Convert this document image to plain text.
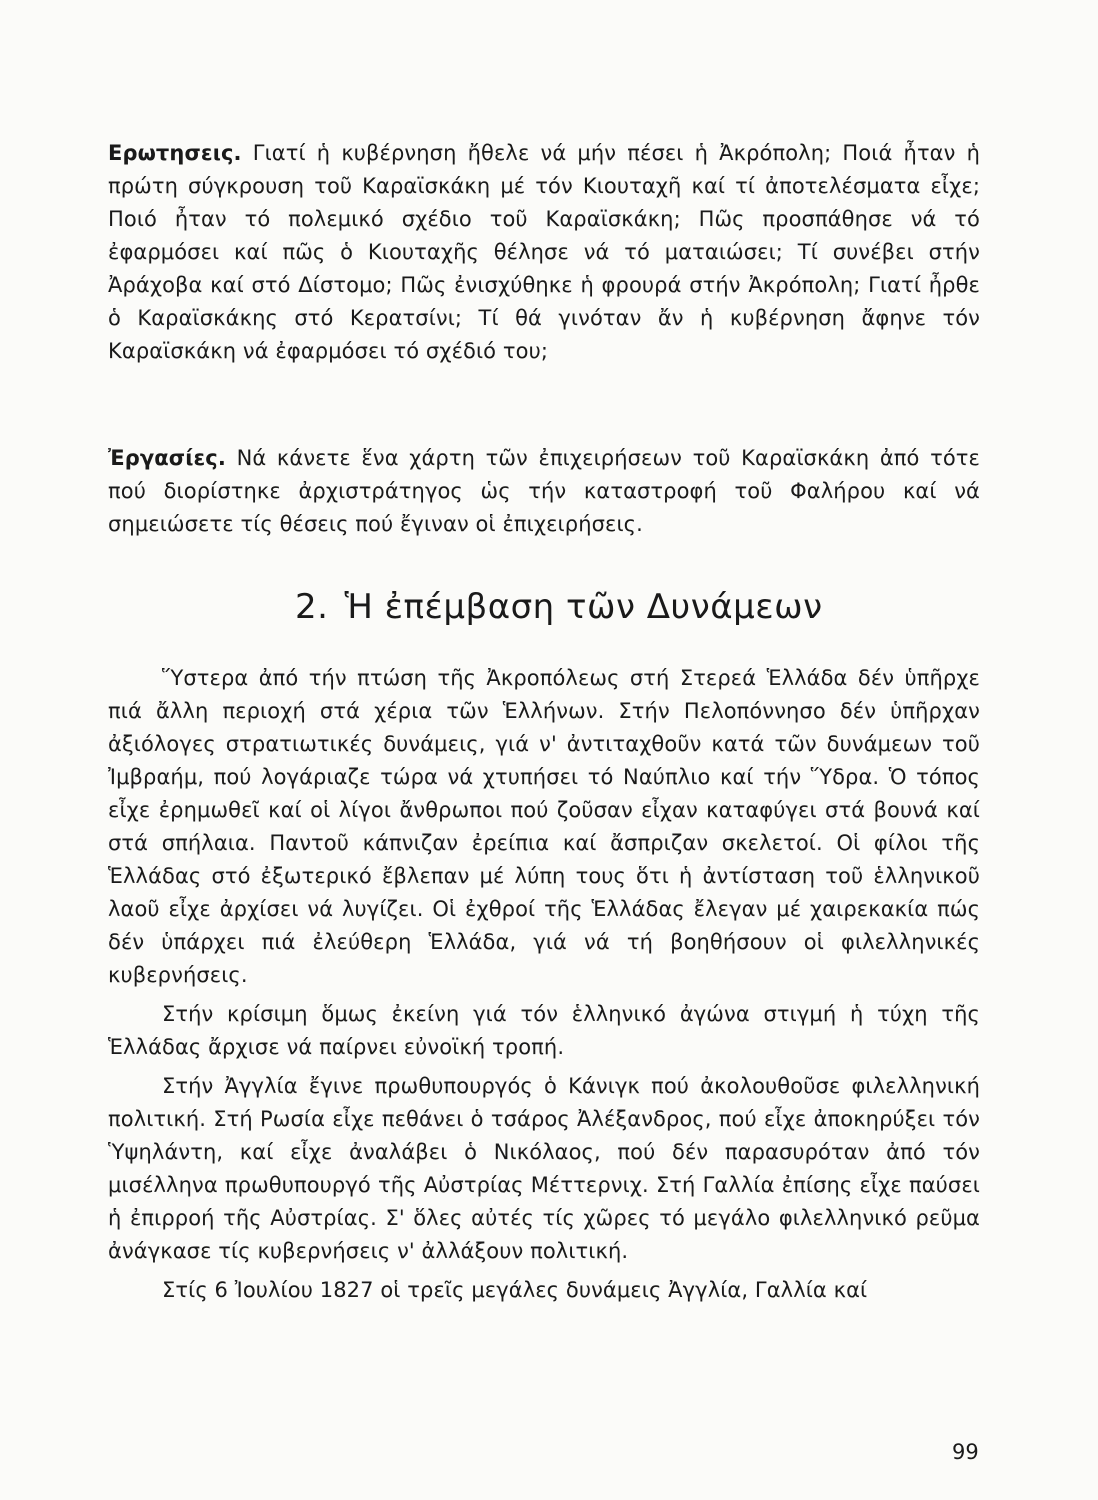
Ερωτησεις. Γιατί ἡ κυβέρνηση ἤθελε νά μήν πέσει ἡ Ἀκρόπολη; Ποιά ἦταν ἡ πρώτη σύγκρουση τοῦ Καραϊσκάκη μέ τόν Κιουταχῆ καί τί ἀποτελέσματα εἶχε; Ποιό ἦταν τό πολεμικό σχέδιο τοῦ Καραϊσκάκη; Πῶς προσπάθησε νά τό ἐφαρμόσει καί πῶς ὁ Κιουταχῆς θέλησε νά τό ματαιώσει; Τί συνέβει στήν Ἀράχοβα καί στό Δίστομο; Πῶς ἐνισχύθηκε ἡ φρουρά στήν Ἀκρόπολη; Γιατί ἦρθε ὁ Καραϊσκάκης στό Κερατσίνι; Τί θά γινόταν ἄν ἡ κυβέρνηση ἄφηνε τόν Καραϊσκάκη νά ἐφαρμόσει τό σχέδιό του;
Ἐργασίες. Νά κάνετε ἕνα χάρτη τῶν ἐπιχειρήσεων τοῦ Καραϊσκάκη ἀπό τότε πού διορίστηκε ἀρχιστράτηγος ὡς τήν καταστροφή τοῦ Φαλήρου καί νά σημειώσετε τίς θέσεις πού ἔγιναν οἱ ἐπιχειρήσεις.
2. Ἡ ἐπέμβαση τῶν Δυνάμεων

Ὕστερα ἀπό τήν πτώση τῆς Ἀκροπόλεως στή Στερεά Ἑλλάδα δέν ὑπῆρχε πιά ἄλλη περιοχή στά χέρια τῶν Ἑλλήνων. Στήν Πελοπόννησο δέν ὑπῆρχαν ἀξιόλογες στρατιωτικές δυνάμεις, γιά ν' ἀντιταχθοῦν κατά τῶν δυνάμεων τοῦ Ἰμβραήμ, πού λογάριαζε τώρα νά χτυπήσει τό Ναύπλιο καί τήν Ὕδρα. Ὁ τόπος εἶχε ἐρημωθεῖ καί οἱ λίγοι ἄνθρωποι πού ζοῦσαν εἶχαν καταφύγει στά βουνά καί στά σπήλαια. Παντοῦ κάπνιζαν ἐρείπια καί ἄσπριζαν σκελετοί. Οἱ φίλοι τῆς Ἑλλάδας στό ἐξωτερικό ἔβλεπαν μέ λύπη τους ὅτι ἡ ἀντίσταση τοῦ ἑλληνικοῦ λαοῦ εἶχε ἀρχίσει νά λυγίζει. Οἱ ἐχθροί τῆς Ἑλλάδας ἔλεγαν μέ χαιρεκακία πώς δέν ὑπάρχει πιά ἐλεύθερη Ἑλλάδα, γιά νά τή βοηθήσουν οἱ φιλελληνικές κυβερνήσεις.

Στήν κρίσιμη ὅμως ἐκείνη γιά τόν ἑλληνικό ἀγώνα στιγμή ἡ τύχη τῆς Ἑλλάδας ἄρχισε νά παίρνει εὐνοϊκή τροπή.

Στήν Ἀγγλία ἔγινε πρωθυπουργός ὁ Κάνιγκ πού ἀκολουθοῦσε φιλελληνική πολιτική. Στή Ρωσία εἶχε πεθάνει ὁ τσάρος Ἀλέξανδρος, πού εἶχε ἀποκηρύξει τόν Ὑψηλάντη, καί εἶχε ἀναλάβει ὁ Νικόλαος, πού δέν παρασυρόταν ἀπό τόν μισέλληνα πρωθυπουργό τῆς Αὐστρίας Μέττερνιχ. Στή Γαλλία ἐπίσης εἶχε παύσει ἡ ἐπιρροή τῆς Αὐστρίας. Σ' ὅλες αὐτές τίς χῶρες τό μεγάλο φιλελληνικό ρεῦμα ἀνάγκασε τίς κυβερνήσεις ν' ἀλλάξουν πολιτική.

Στίς 6 Ἰουλίου 1827 οἱ τρεῖς μεγάλες δυνάμεις Ἀγγλία, Γαλλία καί

99
